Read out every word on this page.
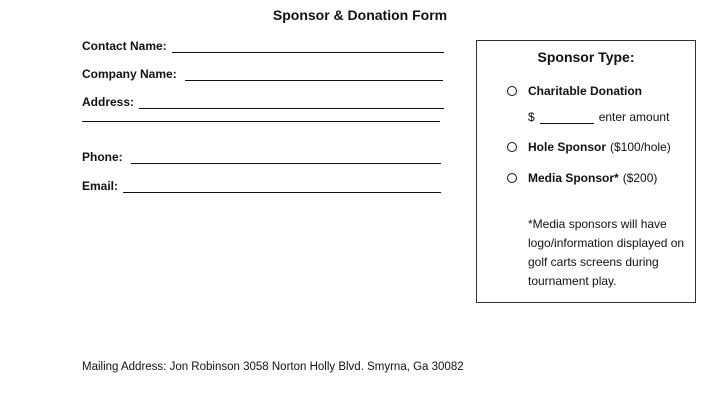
Sponsor & Donation Form
Contact Name:
Company Name:
Address:
Phone:
Email:
Sponsor Type:
Charitable Donation
$	enter amount
Hole Sponsor ($100/hole)
Media Sponsor* ($200)
*Media sponsors will have logo/information displayed on golf carts screens during tournament play.
Mailing Address: Jon Robinson 3058 Norton Holly Blvd. Smyrna, Ga 30082
